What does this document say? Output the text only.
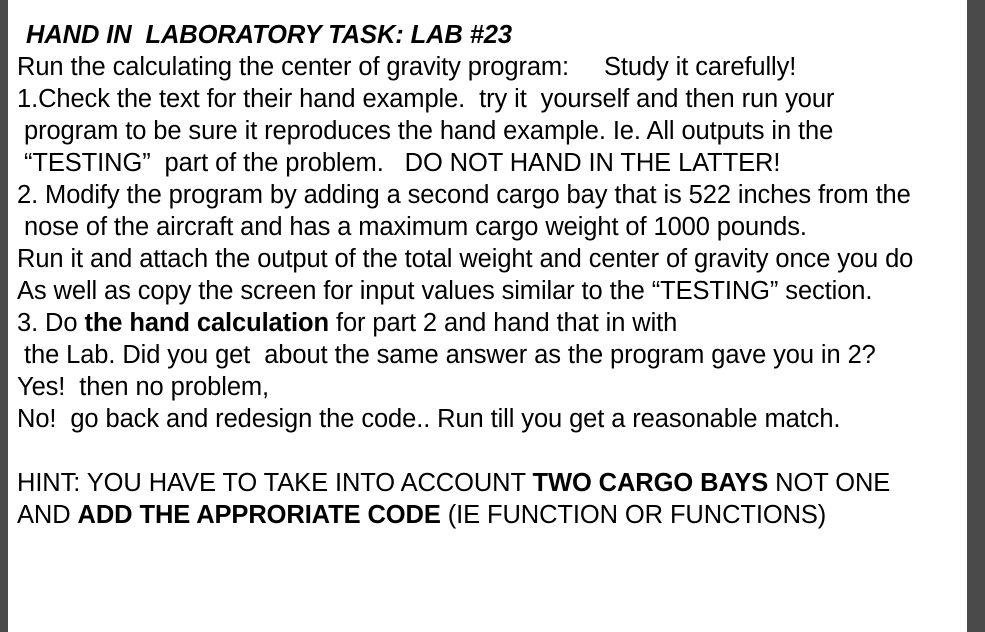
HAND IN  LABORATORY TASK: LAB #23
Run the calculating the center of gravity program:     Study it carefully!
1.Check the text for their hand example.  try it  yourself and then run your
program to be sure it reproduces the hand example. Ie. All outputs in the
“TESTING”  part of the problem.   DO NOT HAND IN THE LATTER!
2. Modify the program by adding a second cargo bay that is 522 inches from the
nose of the aircraft and has a maximum cargo weight of 1000 pounds.
Run it and attach the output of the total weight and center of gravity once you do
As well as copy the screen for input values similar to the “TESTING” section.
3. Do the hand calculation for part 2 and hand that in with
the Lab. Did you get  about the same answer as the program gave you in 2?
Yes!  then no problem,
No!  go back and redesign the code.. Run till you get a reasonable match.
HINT: YOU HAVE TO TAKE INTO ACCOUNT TWO CARGO BAYS NOT ONE
AND ADD THE APPRORIATE CODE (IE FUNCTION OR FUNCTIONS)
